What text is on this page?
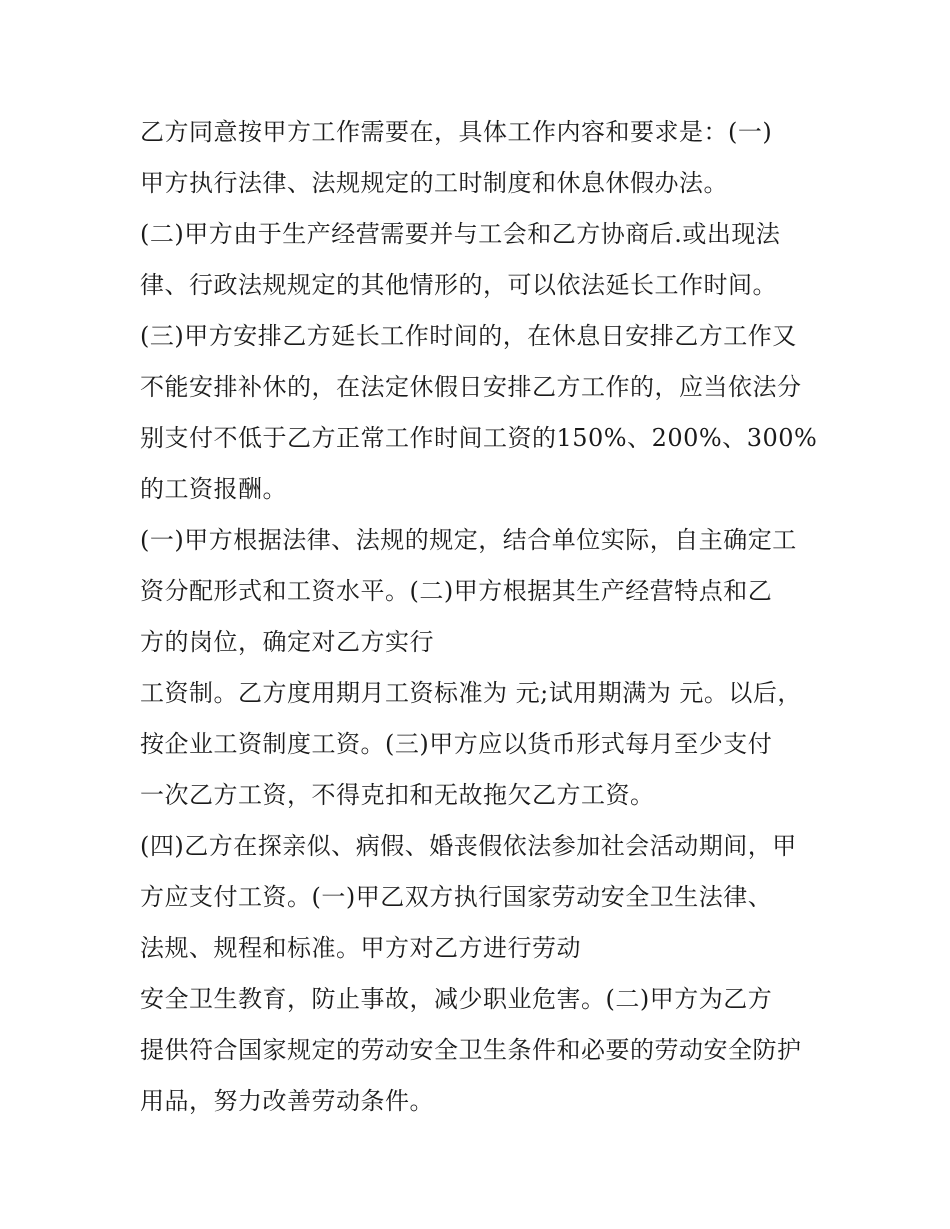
乙方同意按甲方工作需要在，具体工作内容和要求是：(一)
甲方执行法律、法规规定的工时制度和休息休假办法。
(二)甲方由于生产经营需要并与工会和乙方协商后.或出现法
律、行政法规规定的其他情形的，可以依法延长工作时间。
(三)甲方安排乙方延长工作时间的，在休息日安排乙方工作又
不能安排补休的，在法定休假日安排乙方工作的，应当依法分
别支付不低于乙方正常工作时间工资的150%、200%、300%
的工资报酬。
(一)甲方根据法律、法规的规定，结合单位实际，自主确定工
资分配形式和工资水平。(二)甲方根据其生产经营特点和乙
方的岗位，确定对乙方实行
工资制。乙方度用期月工资标准为 元;试用期满为 元。以后，
按企业工资制度工资。(三)甲方应以货币形式每月至少支付
一次乙方工资，不得克扣和无故拖欠乙方工资。
(四)乙方在探亲似、病假、婚丧假依法参加社会活动期间，甲
方应支付工资。(一)甲乙双方执行国家劳动安全卫生法律、
法规、规程和标准。甲方对乙方进行劳动
安全卫生教育，防止事故，减少职业危害。(二)甲方为乙方
提供符合国家规定的劳动安全卫生条件和必要的劳动安全防护
用品，努力改善劳动条件。
